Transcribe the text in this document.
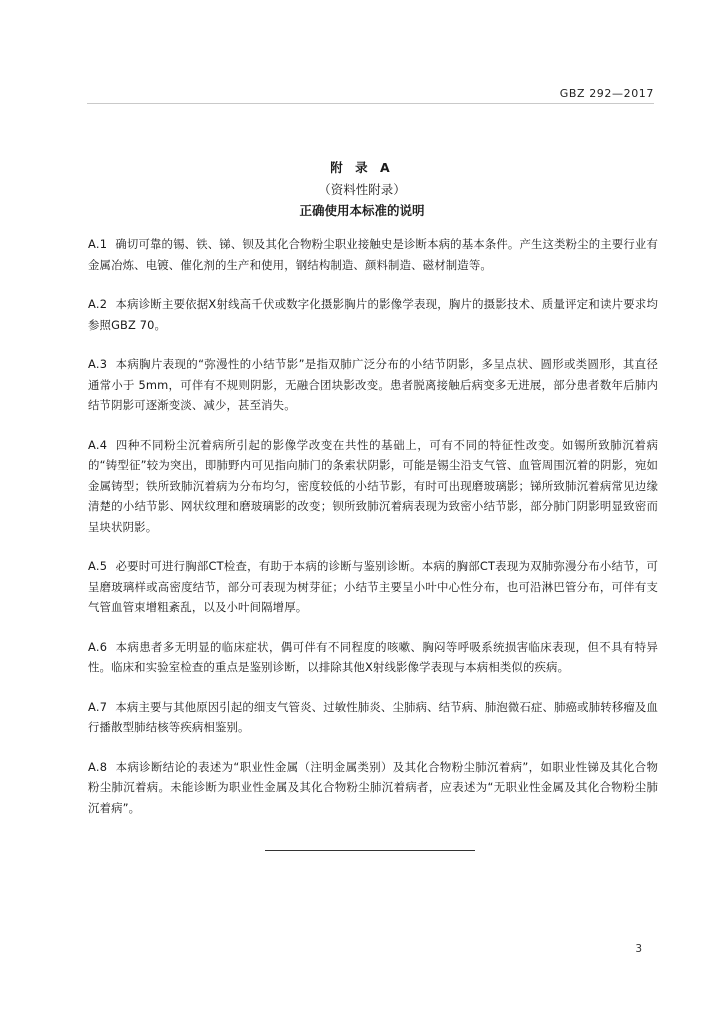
GBZ 292—2017
附 录 A
（资料性附录）
正确使用本标准的说明

A.1 确切可靠的锡、铁、锑、钡及其化合物粉尘职业接触史是诊断本病的基本条件。产生这类粉尘的主要行业有金属冶炼、电镀、催化剂的生产和使用，钢结构制造、颜料制造、磁材制造等。

A.2 本病诊断主要依据X射线高千伏或数字化摄影胸片的影像学表现，胸片的摄影技术、质量评定和读片要求均参照GBZ 70。

A.3 本病胸片表现的“弥漫性的小结节影”是指双肺广泛分布的小结节阴影，多呈点状、圆形或类圆形，其直径通常小于 5mm，可伴有不规则阴影，无融合团块影改变。患者脱离接触后病变多无进展，部分患者数年后肺内结节阴影可逐渐变淡、减少，甚至消失。

A.4 四种不同粉尘沉着病所引起的影像学改变在共性的基础上，可有不同的特征性改变。如锡所致肺沉着病的“铸型征”较为突出，即肺野内可见指向肺门的条索状阴影，可能是锡尘沿支气管、血管周围沉着的阴影，宛如金属铸型；铁所致肺沉着病为分布均匀，密度较低的小结节影，有时可出现磨玻璃影；锑所致肺沉着病常见边缘清楚的小结节影、网状纹理和磨玻璃影的改变；钡所致肺沉着病表现为致密小结节影，部分肺门阴影明显致密而呈块状阴影。

A.5 必要时可进行胸部CT检查，有助于本病的诊断与鉴别诊断。本病的胸部CT表现为双肺弥漫分布小结节，可呈磨玻璃样或高密度结节，部分可表现为树芽征；小结节主要呈小叶中心性分布，也可沿淋巴管分布，可伴有支气管血管束增粗紊乱，以及小叶间隔增厚。

A.6 本病患者多无明显的临床症状，偶可伴有不同程度的咳嗽、胸闷等呼吸系统损害临床表现，但不具有特异性。临床和实验室检查的重点是鉴别诊断，以排除其他X射线影像学表现与本病相类似的疾病。

A.7 本病主要与其他原因引起的细支气管炎、过敏性肺炎、尘肺病、结节病、肺泡微石症、肺癌或肺转移瘤及血行播散型肺结核等疾病相鉴别。

A.8 本病诊断结论的表述为“职业性金属（注明金属类别）及其化合物粉尘肺沉着病”，如职业性锑及其化合物粉尘肺沉着病。未能诊断为职业性金属及其化合物粉尘肺沉着病者，应表述为“无职业性金属及其化合物粉尘肺沉着病”。

3
